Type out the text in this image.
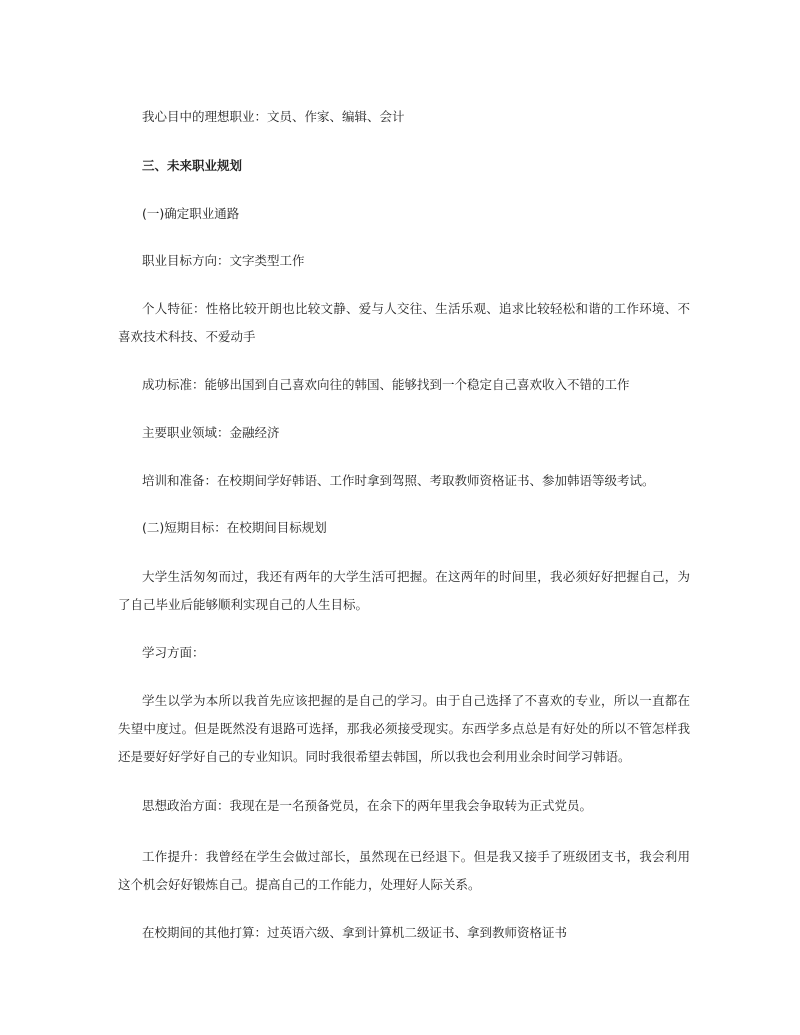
我心目中的理想职业：文员、作家、编辑、会计

三、未来职业规划

(一)确定职业通路

职业目标方向：文字类型工作

个人特征：性格比较开朗也比较文静、爱与人交往、生活乐观、追求比较轻松和谐的工作环境、不喜欢技术科技、不爱动手

成功标准：能够出国到自己喜欢向往的韩国、能够找到一个稳定自己喜欢收入不错的工作

主要职业领域：金融经济

培训和准备：在校期间学好韩语、工作时拿到驾照、考取教师资格证书、参加韩语等级考试。

(二)短期目标：在校期间目标规划

大学生活匆匆而过，我还有两年的大学生活可把握。在这两年的时间里，我必须好好把握自己，为了自己毕业后能够顺利实现自己的人生目标。

学习方面：

学生以学为本所以我首先应该把握的是自己的学习。由于自己选择了不喜欢的专业，所以一直都在失望中度过。但是既然没有退路可选择，那我必须接受现实。东西学多点总是有好处的所以不管怎样我还是要好好学好自己的专业知识。同时我很希望去韩国，所以我也会利用业余时间学习韩语。

思想政治方面：我现在是一名预备党员，在余下的两年里我会争取转为正式党员。

工作提升：我曾经在学生会做过部长，虽然现在已经退下。但是我又接手了班级团支书，我会利用这个机会好好锻炼自己。提高自己的工作能力，处理好人际关系。

在校期间的其他打算：过英语六级、拿到计算机二级证书、拿到教师资格证书
